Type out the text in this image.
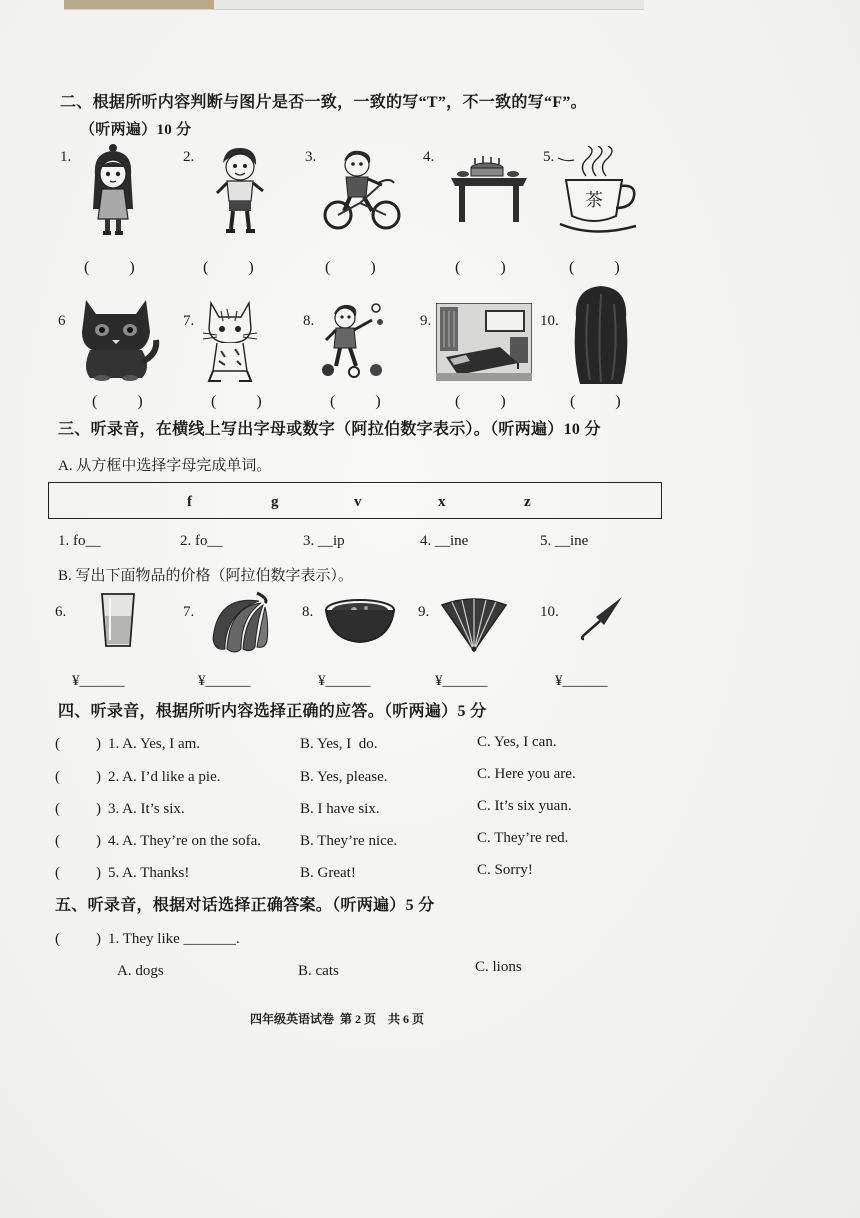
二、根据所听内容判断与图片是否一致，一致的写“T”，不一致的写“F”。
（听两遍）10 分
1.	2.	3.	4.	5.
茶
(          )	(          )	(          )	(          )	(          )
6	7.	8.	9.	10.
(          )	(          )	(          )	(          )	(          )
三、听录音，在横线上写出字母或数字（阿拉伯数字表示）。（听两遍）10 分
A. 从方框中选择字母完成单词。
f	g	v	x	z
1. fo__	2. fo__	3. __ip	4. __ine	5. __ine
B. 写出下面物品的价格（阿拉伯数字表示）。
6.	7.	8.	9.	10.
¥______	¥______	¥______	¥______	¥______
四、听录音，根据所听内容选择正确的应答。（听两遍）5 分
( ) 1. A. Yes, I am.	B. Yes, I  do.	C. Yes, I can.
( ) 2. A. I’d like a pie.	B. Yes, please.	C. Here you are.
( ) 3. A. It’s six.	B. I have six.	C. It’s six yuan.
( ) 4. A. They’re on the sofa.	B. They’re nice.	C. They’re red.
( ) 5. A. Thanks!	B. Great!	C. Sorry!
五、听录音，根据对话选择正确答案。（听两遍）5 分
( ) 1. They like _______.
A. dogs	B. cats	C. lions
四年级英语试卷  第 2 页    共 6 页
